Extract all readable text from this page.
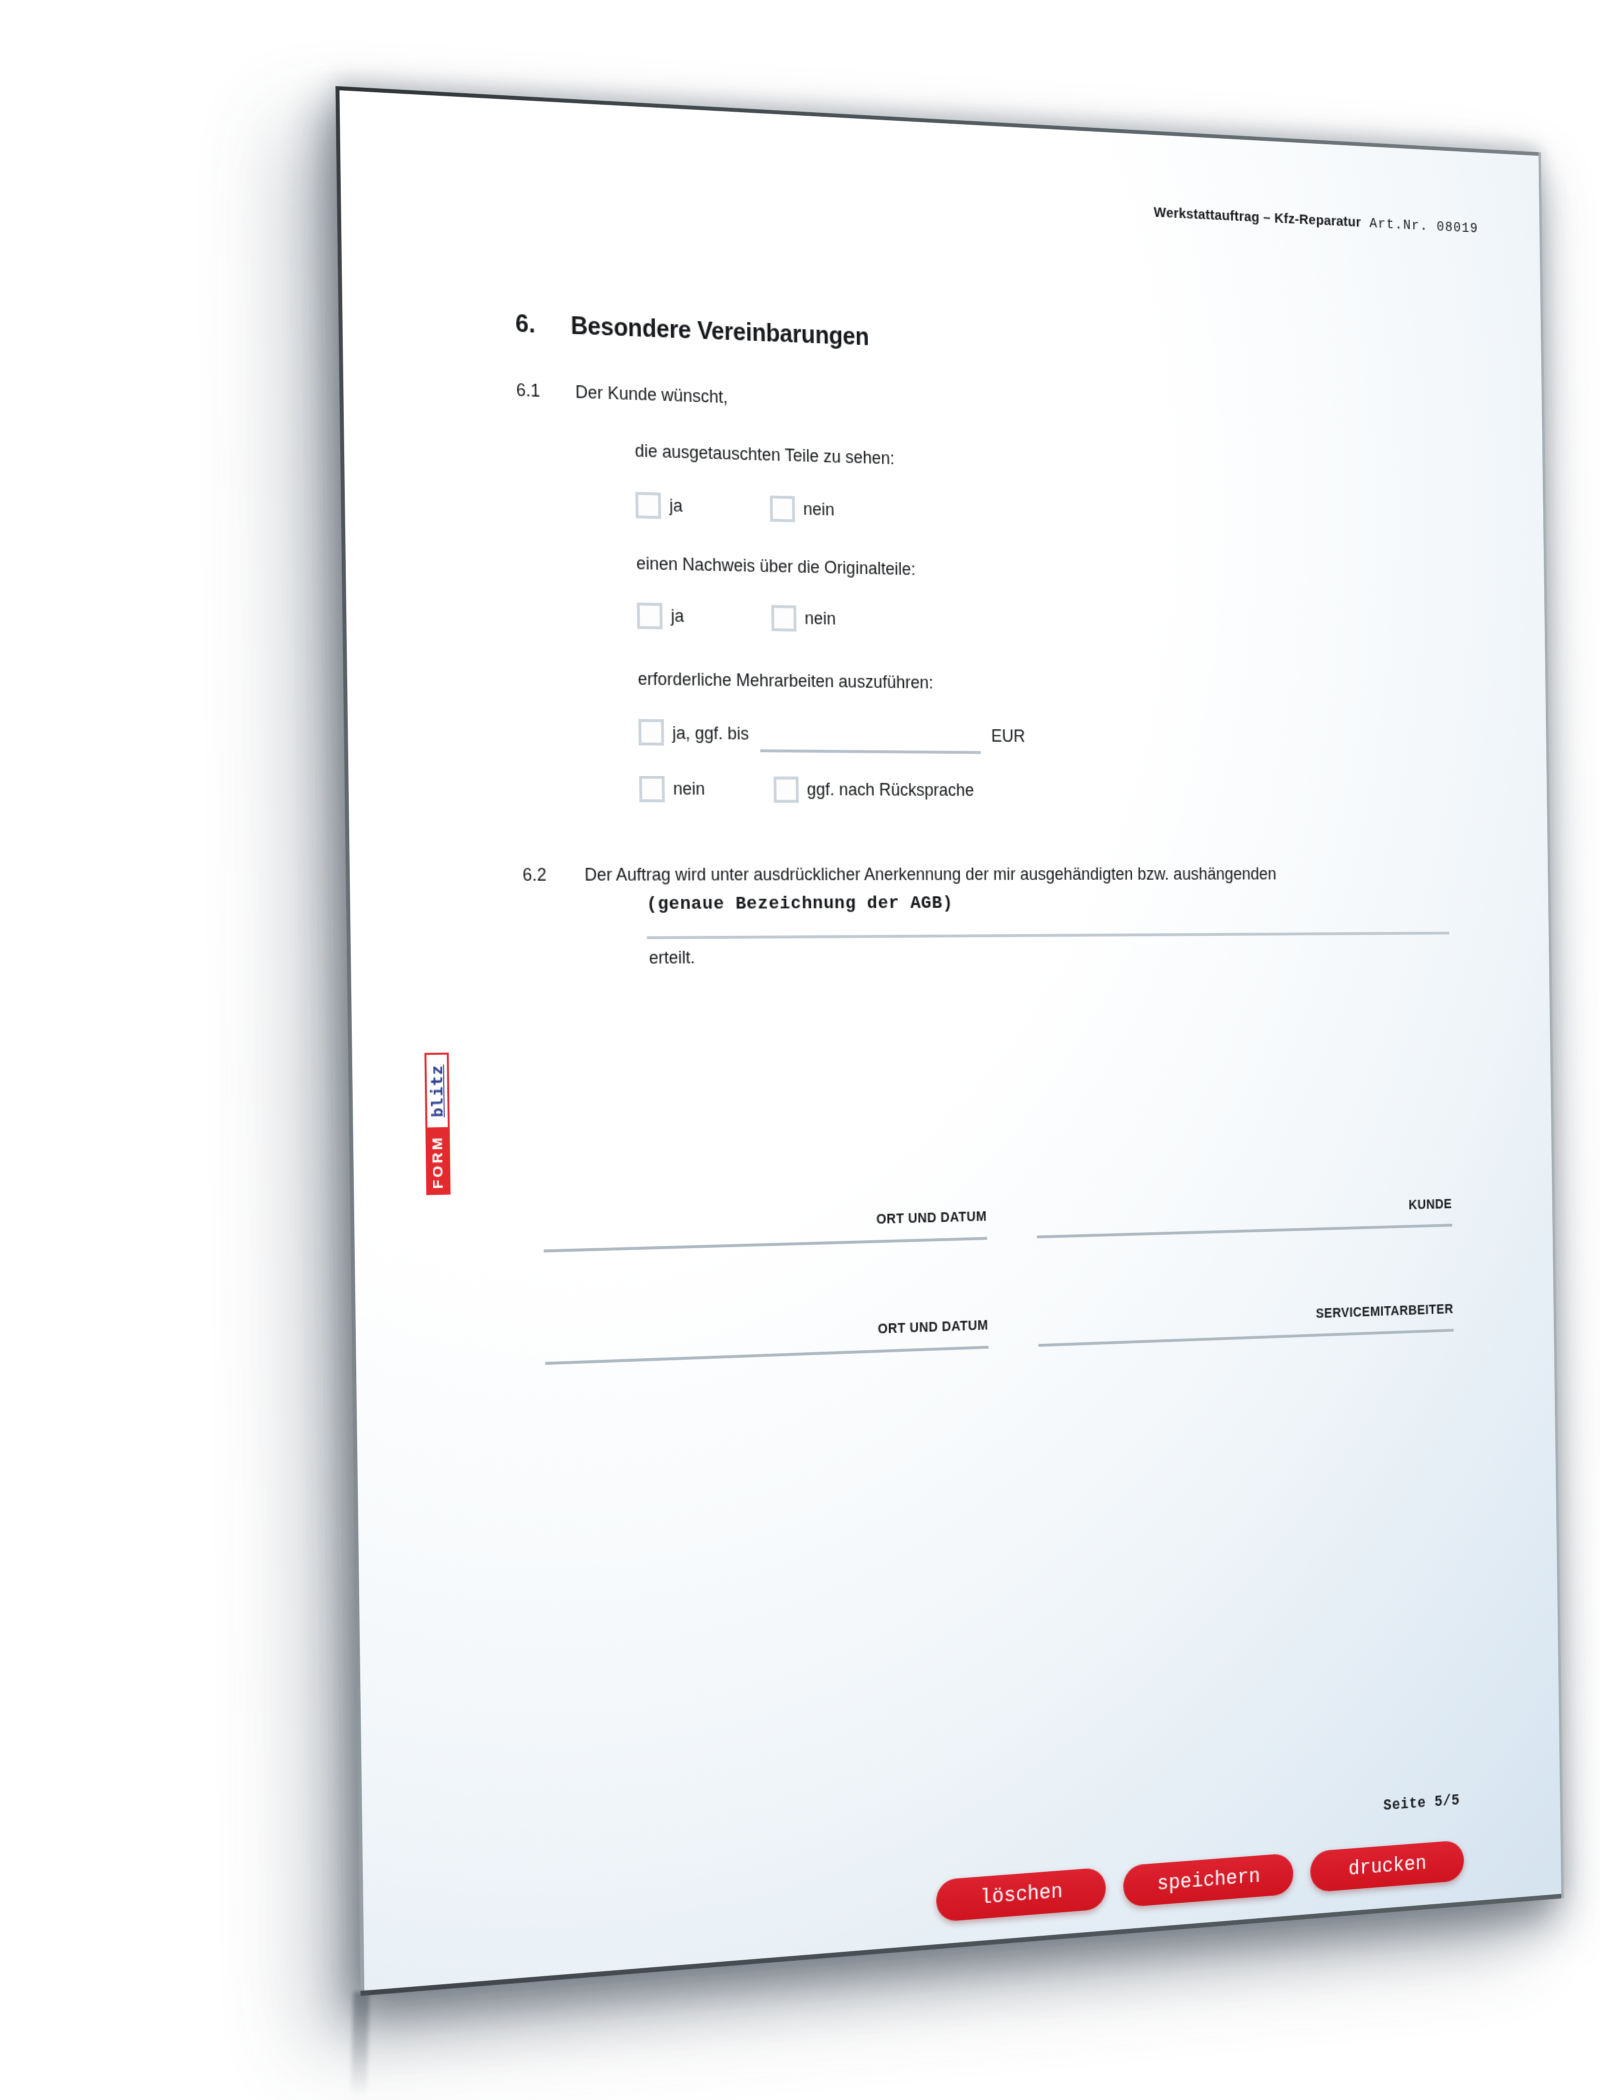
Werkstattauftrag – Kfz-Reparatur Art.Nr. 08019
6. Besondere Vereinbarungen
6.1 Der Kunde wünscht,
die ausgetauschten Teile zu sehen:
ja	nein
einen Nachweis über die Originalteile:
ja	nein
erforderliche Mehrarbeiten auszuführen:
ja, ggf. bis	EUR
nein	ggf. nach Rücksprache
6.2 Der Auftrag wird unter ausdrücklicher Anerkennung der mir ausgehändigten bzw. aushängenden
(genaue Bezeichnung der AGB)
erteilt.
ORT UND DATUM
KUNDE
ORT UND DATUM
SERVICEMITARBEITER
Seite 5/5
löschen	speichern	drucken
FORM
blitz
